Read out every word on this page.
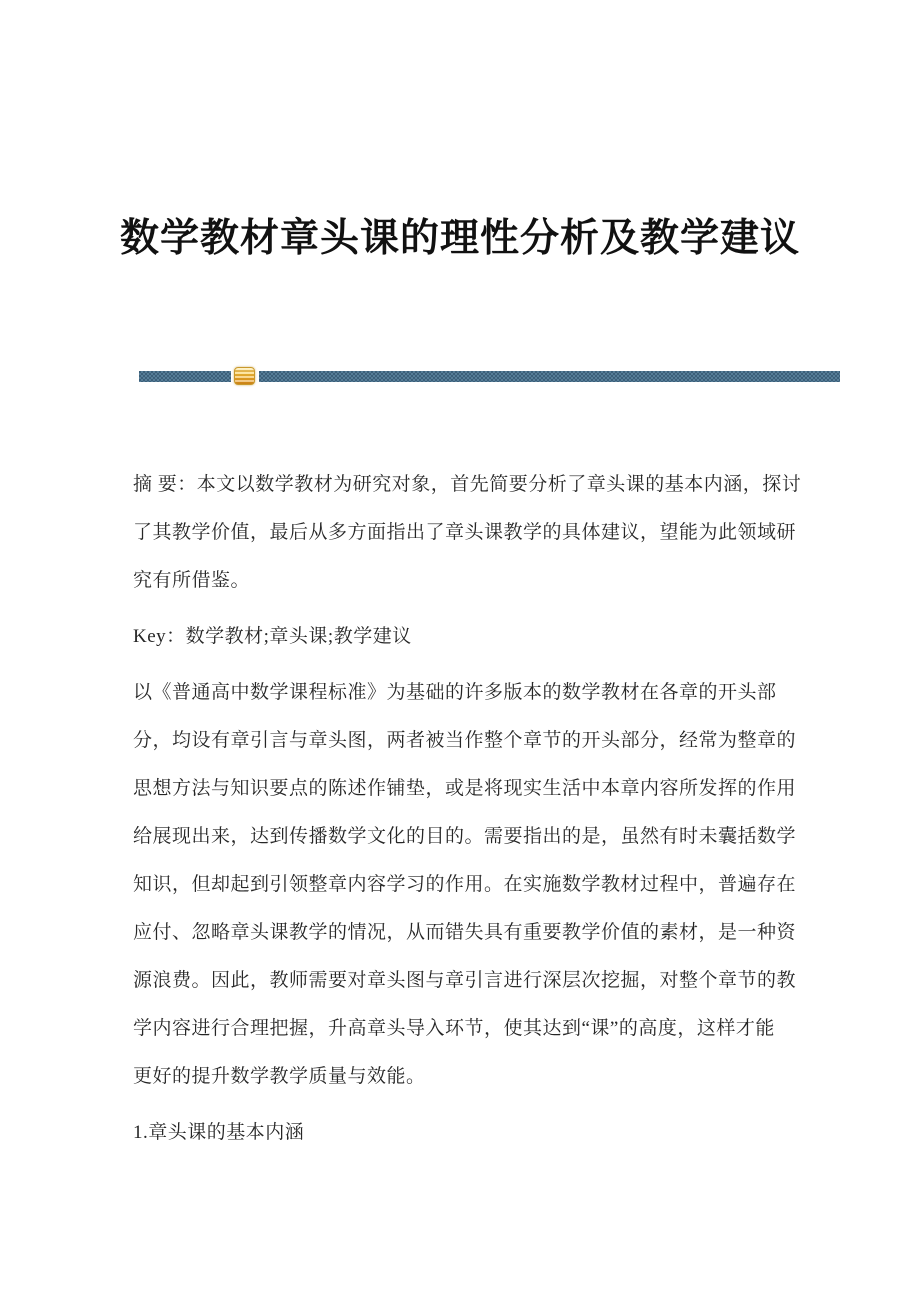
数学教材章头课的理性分析及教学建议
摘 要：本文以数学教材为研究对象，首先简要分析了章头课的基本内涵，探讨
了其教学价值，最后从多方面指出了章头课教学的具体建议，望能为此领域研
究有所借鉴。
Key：数学教材;章头课;教学建议
以《普通高中数学课程标准》为基础的许多版本的数学教材在各章的开头部
分，均设有章引言与章头图，两者被当作整个章节的开头部分，经常为整章的
思想方法与知识要点的陈述作铺垫，或是将现实生活中本章内容所发挥的作用
给展现出来，达到传播数学文化的目的。需要指出的是，虽然有时未囊括数学
知识，但却起到引领整章内容学习的作用。在实施数学教材过程中，普遍存在
应付、忽略章头课教学的情况，从而错失具有重要教学价值的素材，是一种资
源浪费。因此，教师需要对章头图与章引言进行深层次挖掘，对整个章节的教
学内容进行合理把握，升高章头导入环节，使其达到“课”的高度，这样才能
更好的提升数学教学质量与效能。
1.章头课的基本内涵
